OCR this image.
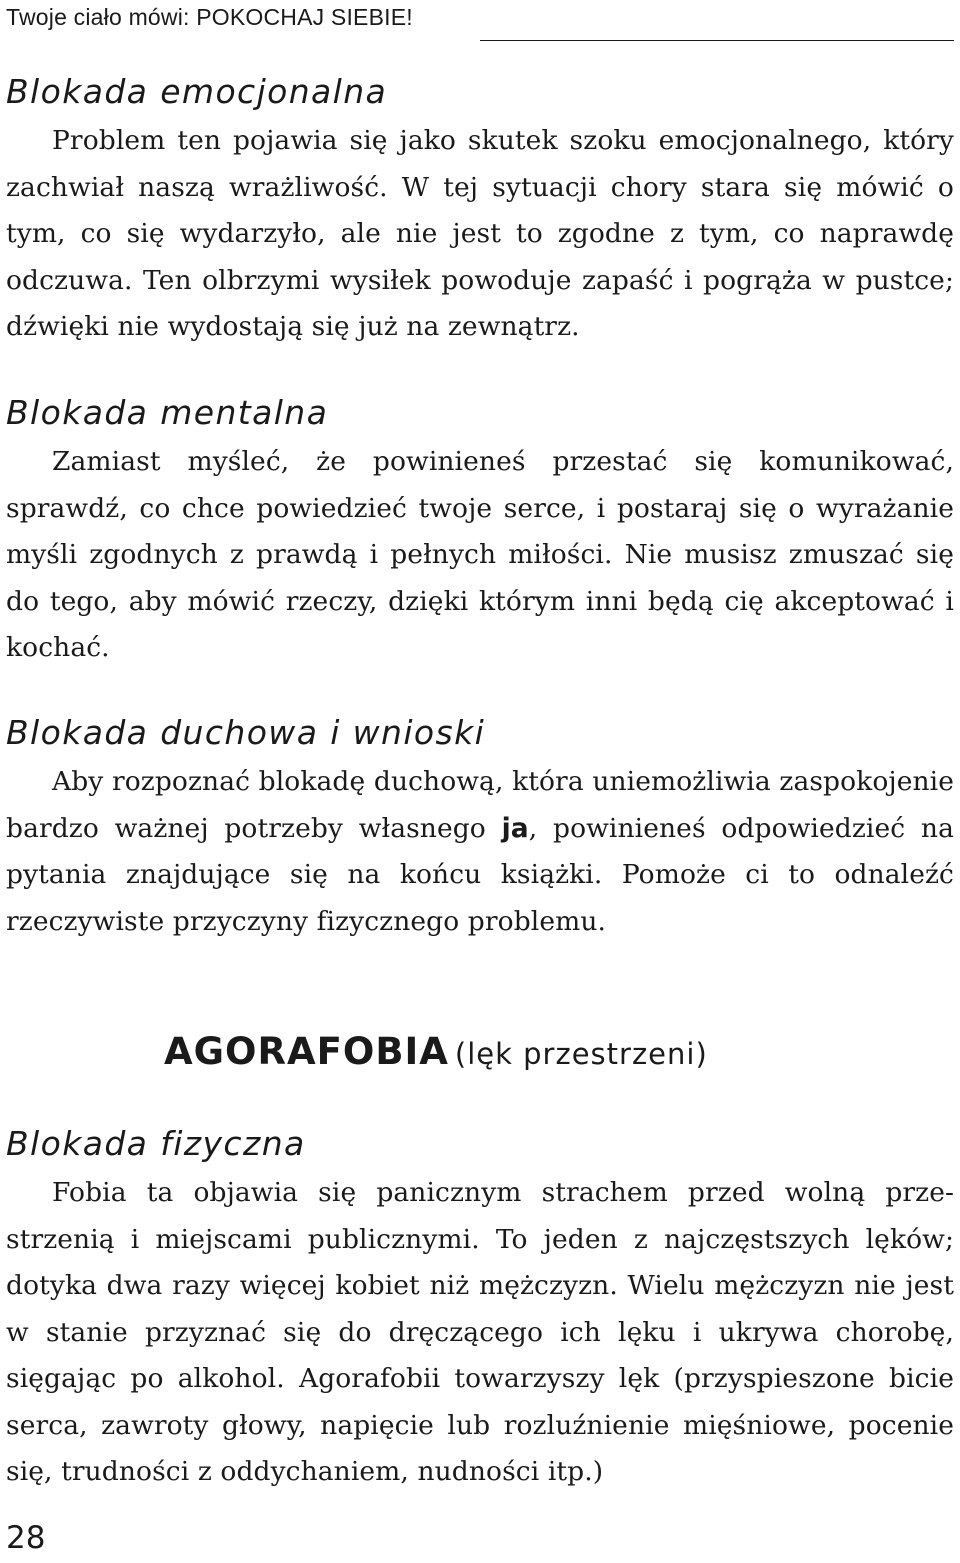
Twoje ciało mówi: POKOCHAJ SIEBIE!
Blokada emocjonalna

Problem ten pojawia się jako skutek szoku emocjonalnego, który zachwiał naszą wrażliwość. W tej sytuacji chory stara się mówić o tym, co się wydarzyło, ale nie jest to zgodne z tym, co naprawdę odczuwa. Ten olbrzymi wysiłek powoduje zapaść i pogrąża w pustce; dźwięki nie wydostają się już na zewnątrz.

Blokada mentalna

Zamiast myśleć, że powinieneś przestać się komunikować, sprawdź, co chce powiedzieć twoje serce, i postaraj się o wyrażanie myśli zgodnych z prawdą i pełnych miłości. Nie musisz zmuszać się do tego, aby mówić rzeczy, dzięki którym inni będą cię akceptować i kochać.

Blokada duchowa i wnioski

Aby rozpoznać blokadę duchową, która uniemożliwia zaspokojenie bardzo ważnej potrzeby własnego ja, powinieneś odpowiedzieć na pytania znajdujące się na końcu książki. Pomoże ci to odnaleźć rzeczywiste przyczyny fizycznego problemu.

AGORAFOBIA (lęk przestrzeni)
Blokada fizyczna

Fobia ta objawia się panicznym strachem przed wolną przestrzenią i miejscami publicznymi. To jeden z najczęstszych lęków; dotyka dwa razy więcej kobiet niż mężczyzn. Wielu mężczyzn nie jest w stanie przyznać się do dręczącego ich lęku i ukrywa chorobę, sięgając po alkohol. Agorafobii towarzyszy lęk (przyspieszone bicie serca, zawroty głowy, napięcie lub rozluźnienie mięśniowe, pocenie się, trudności z oddychaniem, nudności itp.)

28
